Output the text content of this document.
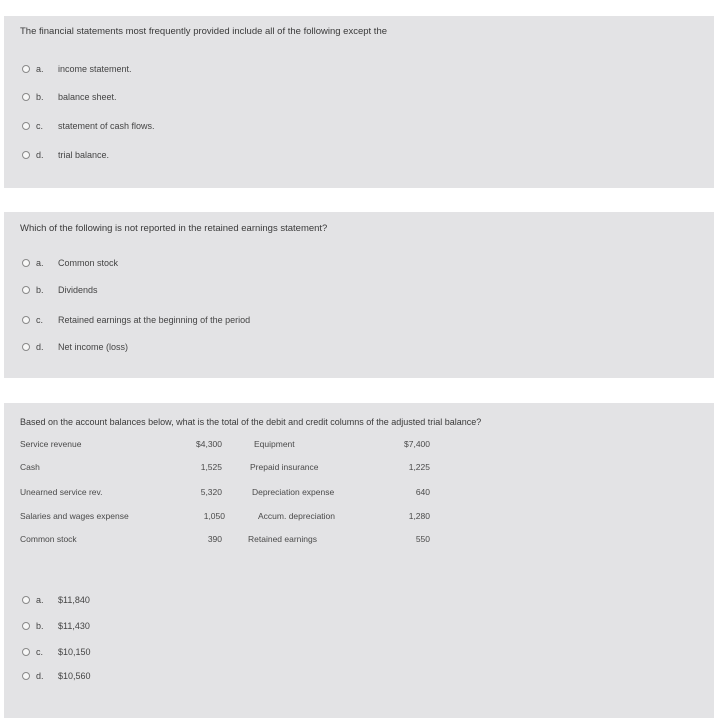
The financial statements most frequently provided include all of the following except the
a.	income statement.
b.	balance sheet.
c.	statement of cash flows.
d.	trial balance.
Which of the following is not reported in the retained earnings statement?
a.	Common stock
b.	Dividends
c.	Retained earnings at the beginning of the period
d.	Net income (loss)
Based on the account balances below, what is the total of the debit and credit columns of the adjusted trial balance?
Service revenue	$4,300	Equipment	$7,400
Cash	1,525	Prepaid insurance	1,225
Unearned service rev.	5,320	Depreciation expense	640
Salaries and wages expense	1,050	Accum. depreciation	1,280
Common stock	390	Retained earnings	550
a.	$11,840
b.	$11,430
c.	$10,150
d.	$10,560
